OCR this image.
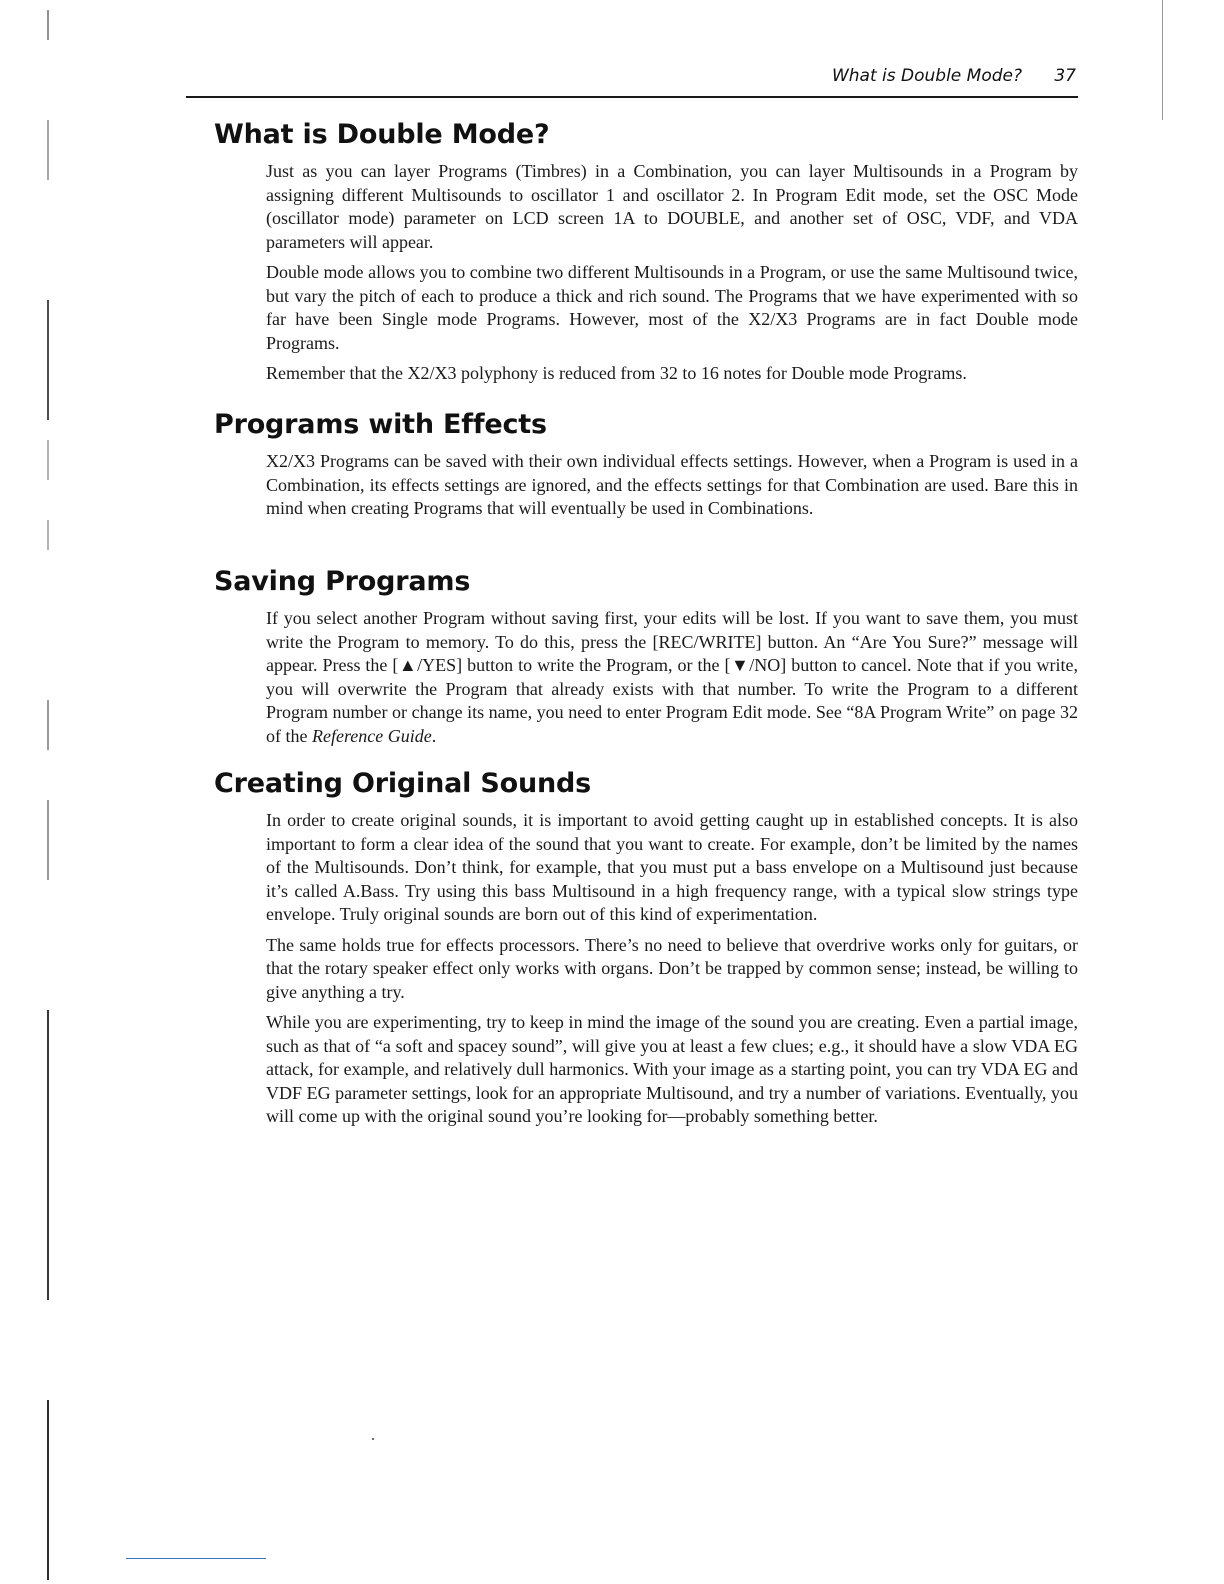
What is Double Mode? 37
What is Double Mode?

Just as you can layer Programs (Timbres) in a Combination, you can layer Multisounds in a Program by assigning different Multisounds to oscillator 1 and oscillator 2. In Program Edit mode, set the OSC Mode (oscillator mode) parameter on LCD screen 1A to DOUBLE, and another set of OSC, VDF, and VDA parameters will appear.

Double mode allows you to combine two different Multisounds in a Program, or use the same Multisound twice, but vary the pitch of each to produce a thick and rich sound. The Programs that we have experimented with so far have been Single mode Programs. However, most of the X2/X3 Programs are in fact Double mode Programs.

Remember that the X2/X3 polyphony is reduced from 32 to 16 notes for Double mode Programs.

Programs with Effects

X2/X3 Programs can be saved with their own individual effects settings. However, when a Program is used in a Combination, its effects settings are ignored, and the effects settings for that Combination are used. Bare this in mind when creating Programs that will eventually be used in Combinations.

Saving Programs

If you select another Program without saving first, your edits will be lost. If you want to save them, you must write the Program to memory. To do this, press the [REC/WRITE] button. An “Are You Sure?” message will appear. Press the [▲/YES] button to write the Program, or the [▼/NO] button to cancel. Note that if you write, you will overwrite the Program that already exists with that number. To write the Program to a different Program number or change its name, you need to enter Program Edit mode. See “8A Program Write” on page 32 of the Reference Guide.

Creating Original Sounds

In order to create original sounds, it is important to avoid getting caught up in established concepts. It is also important to form a clear idea of the sound that you want to create. For example, don’t be limited by the names of the Multisounds. Don’t think, for example, that you must put a bass envelope on a Multisound just because it’s called A.Bass. Try using this bass Multisound in a high frequency range, with a typical slow strings type envelope. Truly original sounds are born out of this kind of experimentation.

The same holds true for effects processors. There’s no need to believe that overdrive works only for guitars, or that the rotary speaker effect only works with organs. Don’t be trapped by common sense; instead, be willing to give anything a try.

While you are experimenting, try to keep in mind the image of the sound you are creating. Even a partial image, such as that of “a soft and spacey sound”, will give you at least a few clues; e.g., it should have a slow VDA EG attack, for example, and relatively dull harmonics. With your image as a starting point, you can try VDA EG and VDF EG parameter settings, look for an appropriate Multisound, and try a number of variations. Eventually, you will come up with the original sound you’re looking for—probably something better.
